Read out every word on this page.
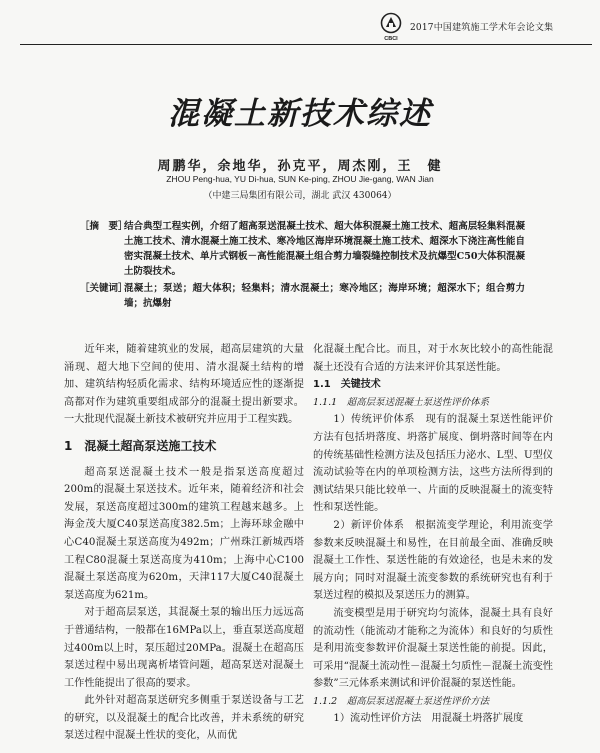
CBCI
2017中国建筑施工学术年会论文集
混凝土新技术综述
周鹏华，余地华，孙克平，周杰刚，王　健
ZHOU Peng-hua, YU Di-hua, SUN Ke-ping, ZHOU Jie-gang, WAN Jian
（中建三局集团有限公司，湖北 武汉 430064）
［摘　要］
结合典型工程实例，介绍了超高泵送混凝土技术、超大体积混凝土施工技术、超高层轻集料混凝土施工技术、清水混凝土施工技术、寒冷地区海岸环境混凝土施工技术、超深水下浇注高性能自密实混凝土技术、单片式钢板－高性能混凝土组合剪力墙裂缝控制技术及抗爆型C50大体积混凝土防裂技术。
［关键词］
混凝土；泵送；超大体积；轻集料；清水混凝土；寒冷地区；海岸环境；超深水下；组合剪力墙；抗爆射

近年来，随着建筑业的发展，超高层建筑的大量涌现、超大地下空间的使用、清水混凝土结构的增加、建筑结构轻质化需求、结构环境适应性的逐渐提高都对作为建筑重要组成部分的混凝土提出新要求。一大批现代混凝土新技术被研究并应用于工程实践。

1　混凝土超高泵送施工技术

超高泵送混凝土技术一般是指泵送高度超过200m的混凝土泵送技术。近年来，随着经济和社会发展，泵送高度超过300m的建筑工程越来越多。上海金茂大厦C40泵送高度382.5m；上海环球金融中心C40混凝土泵送高度为492m；广州珠江新城西塔工程C80混凝土泵送高度为410m；上海中心C100混凝土泵送高度为620m，天津117大厦C40混凝土泵送高度为621m。

对于超高层泵送，其混凝土泵的输出压力远远高于普通结构，一般都在16MPa以上，垂直泵送高度超过400m以上时，泵压超过20MPa。混凝土在超高压泵送过程中易出现离析堵管问题，超高泵送对混凝土工作性能提出了很高的要求。

此外针对超高泵送研究多侧重于泵送设备与工艺的研究，以及混凝土的配合比改善，并未系统的研究泵送过程中混凝土性状的变化，从而优

化混凝土配合比。而且，对于水灰比较小的高性能混凝土还没有合适的方法来评价其泵送性能。

1.1　关键技术
1.1.1　超高层泵送混凝土泵送性评价体系

1）传统评价体系　现有的混凝土泵送性能评价方法有包括坍落度、坍落扩展度、倒坍落时间等在内的传统基础性检测方法及包括压力泌水、L型、U型仪流动试验等在内的单项检测方法，这些方法所得到的测试结果只能比较单一、片面的反映混凝土的流变特性和泵送性能。

2）新评价体系　根据流变学理论，利用流变学参数来反映混凝土和易性，在目前最全面、准确反映混凝土工作性、泵送性能的有效途径，也是未来的发展方向；同时对混凝土流变参数的系统研究也有利于泵送过程的模拟及泵送压力的测算。

流变模型是用于研究均匀流体，混凝土具有良好的流动性（能流动才能称之为流体）和良好的匀质性是利用流变参数评价混凝土泵送性能的前提。因此，可采用“混凝土流动性－混凝土匀质性－混凝土流变性参数”三元体系来测试和评价混凝的泵送性能。

1.1.2　超高层泵送混凝土泵送性评价方法

1）流动性评价方法　用混凝土坍落扩展度
